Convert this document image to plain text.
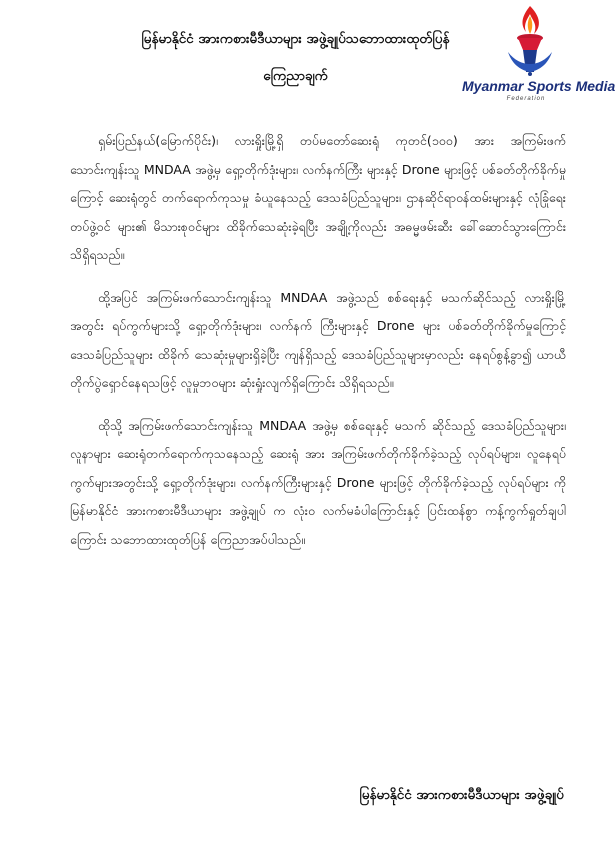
မြန်မာနိုင်ငံ အားကစားမီဒီယာများ အဖွဲ့ချုပ်သဘောထားထုတ်ပြန်
ကြေညာချက်
Myanmar Sports Media
Federation

ရှမ်းပြည်နယ်(မြောက်ပိုင်း)၊ လားရှိုးမြို့ရှိ တပ်မတော်ဆေးရုံ ကုတင်(၁၀၀) အား အကြမ်းဖက်သောင်းကျန်းသူ MNDAA အဖွဲ့မှ ရှော့တိုက်ဒုံးများ၊ လက်နက်ကြီး များနှင့် Drone များဖြင့် ပစ်ခတ်တိုက်ခိုက်မှုကြောင့် ဆေးရုံတွင် တက်ရောက်ကုသမှု ခံယူနေသည့် ဒေသခံပြည်သူများ၊ ဌာနဆိုင်ရာဝန်ထမ်းများနှင့် လုံခြုံရေးတပ်ဖွဲ့ဝင် များ၏ မိသားစုဝင်များ ထိခိုက်သေဆုံးခဲ့ရပြီး အချို့ကိုလည်း အဓမ္မဖမ်းဆီး ခေါ်ဆောင်သွားကြောင်း သိရှိရသည်။

ထို့အပြင် အကြမ်းဖက်သောင်းကျန်းသူ MNDAA အဖွဲ့သည် စစ်ရေးနှင့် မသက်ဆိုင်သည့် လားရှိုးမြို့အတွင်း ရပ်ကွက်များသို့ ရှော့တိုက်ဒုံးများ၊ လက်နက် ကြီးများနှင့် Drone များ ပစ်ခတ်တိုက်ခိုက်မှုကြောင့် ဒေသခံပြည်သူများ ထိခိုက် သေဆုံးမှုများရှိခဲ့ပြီး ကျန်ရှိသည့် ဒေသခံပြည်သူများမှာလည်း နေရပ်စွန့်ခွာ၍ ယာယီတိုက်ပွဲရှောင်နေရသဖြင့် လူမှုဘဝများ ဆုံးရှုံးလျက်ရှိကြောင်း သိရှိရသည်။

ထိုသို့ အကြမ်းဖက်သောင်းကျန်းသူ MNDAA အဖွဲ့မှ စစ်ရေးနှင့် မသက် ဆိုင်သည့် ဒေသခံပြည်သူများ၊ လူနာများ ဆေးရုံတက်ရောက်ကုသနေသည့် ဆေးရုံ အား အကြမ်းဖက်တိုက်ခိုက်ခဲ့သည့် လုပ်ရပ်များ၊ လူနေရပ်ကွက်များအတွင်းသို့ ရှော့တိုက်ဒုံးများ၊ လက်နက်ကြီးများနှင့် Drone များဖြင့် တိုက်ခိုက်ခဲ့သည့် လုပ်ရပ်များ ကို မြန်မာနိုင်ငံ အားကစားမီဒီယာများ အဖွဲ့ချုပ် က လုံးဝ လက်မခံပါကြောင်းနှင့် ပြင်းထန်စွာ ကန့်ကွက်ရှုတ်ချပါကြောင်း သဘောထားထုတ်ပြန် ကြေညာအပ်ပါသည်။

မြန်မာနိုင်ငံ အားကစားမီဒီယာများ အဖွဲ့ချုပ်
